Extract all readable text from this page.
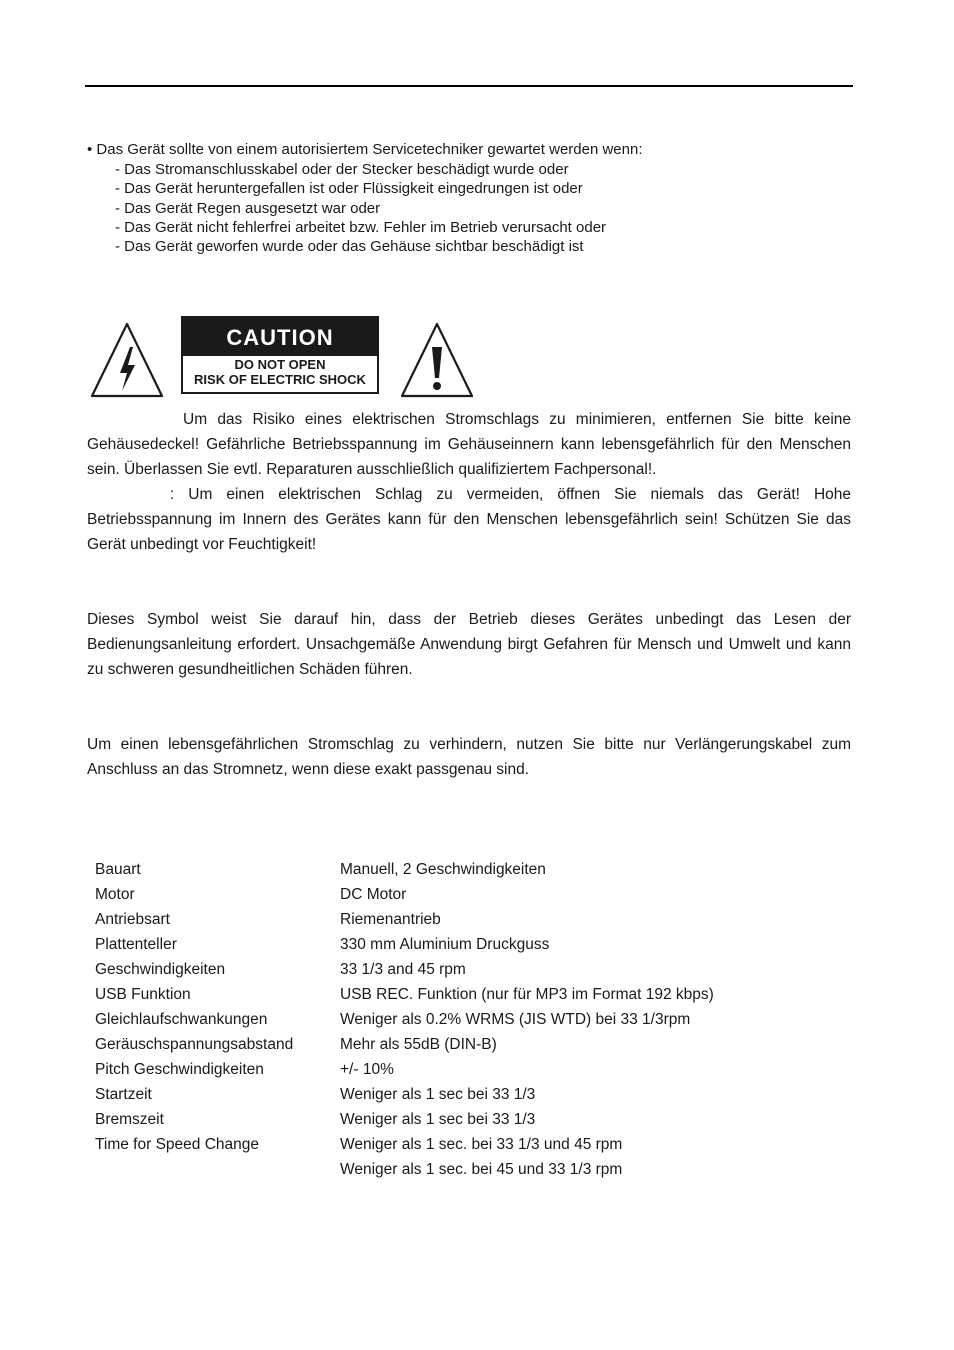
• Das Gerät sollte von einem autorisiertem Servicetechniker gewartet werden wenn:
- Das Stromanschlusskabel oder der Stecker beschädigt wurde oder
- Das Gerät heruntergefallen ist oder Flüssigkeit eingedrungen ist oder
- Das Gerät Regen ausgesetzt war oder
- Das Gerät nicht fehlerfrei arbeitet bzw. Fehler im Betrieb verursacht oder
- Das Gerät geworfen wurde oder das Gehäuse sichtbar beschädigt ist
CAUTION
DO NOT OPEN
RISK OF ELECTRIC SHOCK
Um das Risiko eines elektrischen Stromschlags zu minimieren, entfernen Sie bitte keine Gehäusedeckel! Gefährliche Betriebsspannung im Gehäuseinnern kann lebensgefährlich für den Menschen sein. Überlassen Sie evtl. Reparaturen ausschließlich qualifiziertem Fachpersonal!.
: Um einen elektrischen Schlag zu vermeiden, öffnen Sie niemals das Gerät! Hohe Betriebsspannung im Innern des Gerätes kann für den Menschen lebensgefährlich sein! Schützen Sie das Gerät unbedingt vor Feuchtigkeit!
Dieses Symbol weist Sie darauf hin, dass der Betrieb dieses Gerätes unbedingt das Lesen der Bedienungsanleitung erfordert. Unsachgemäße Anwendung birgt Gefahren für Mensch und Umwelt und kann zu schweren gesundheitlichen Schäden führen.
Um einen lebensgefährlichen Stromschlag zu verhindern, nutzen Sie bitte nur Verlängerungskabel zum Anschluss an das Stromnetz, wenn diese exakt passgenau sind.
Bauart	Manuell, 2 Geschwindigkeiten
Motor	DC Motor
Antriebsart	Riemenantrieb
Plattenteller	330 mm Aluminium Druckguss
Geschwindigkeiten	33 1/3 and 45 rpm
USB Funktion	USB REC. Funktion (nur für MP3 im Format 192 kbps)
Gleichlaufschwankungen	Weniger als 0.2% WRMS (JIS WTD) bei 33 1/3rpm
Geräuschspannungsabstand	Mehr als 55dB (DIN-B)
Pitch Geschwindigkeiten	+/- 10%
Startzeit	Weniger als 1 sec bei 33 1/3
Bremszeit	Weniger als 1 sec bei 33 1/3
Time for Speed Change	Weniger als 1 sec. bei 33 1/3 und 45 rpm
Weniger als 1 sec. bei 45 und 33 1/3 rpm
